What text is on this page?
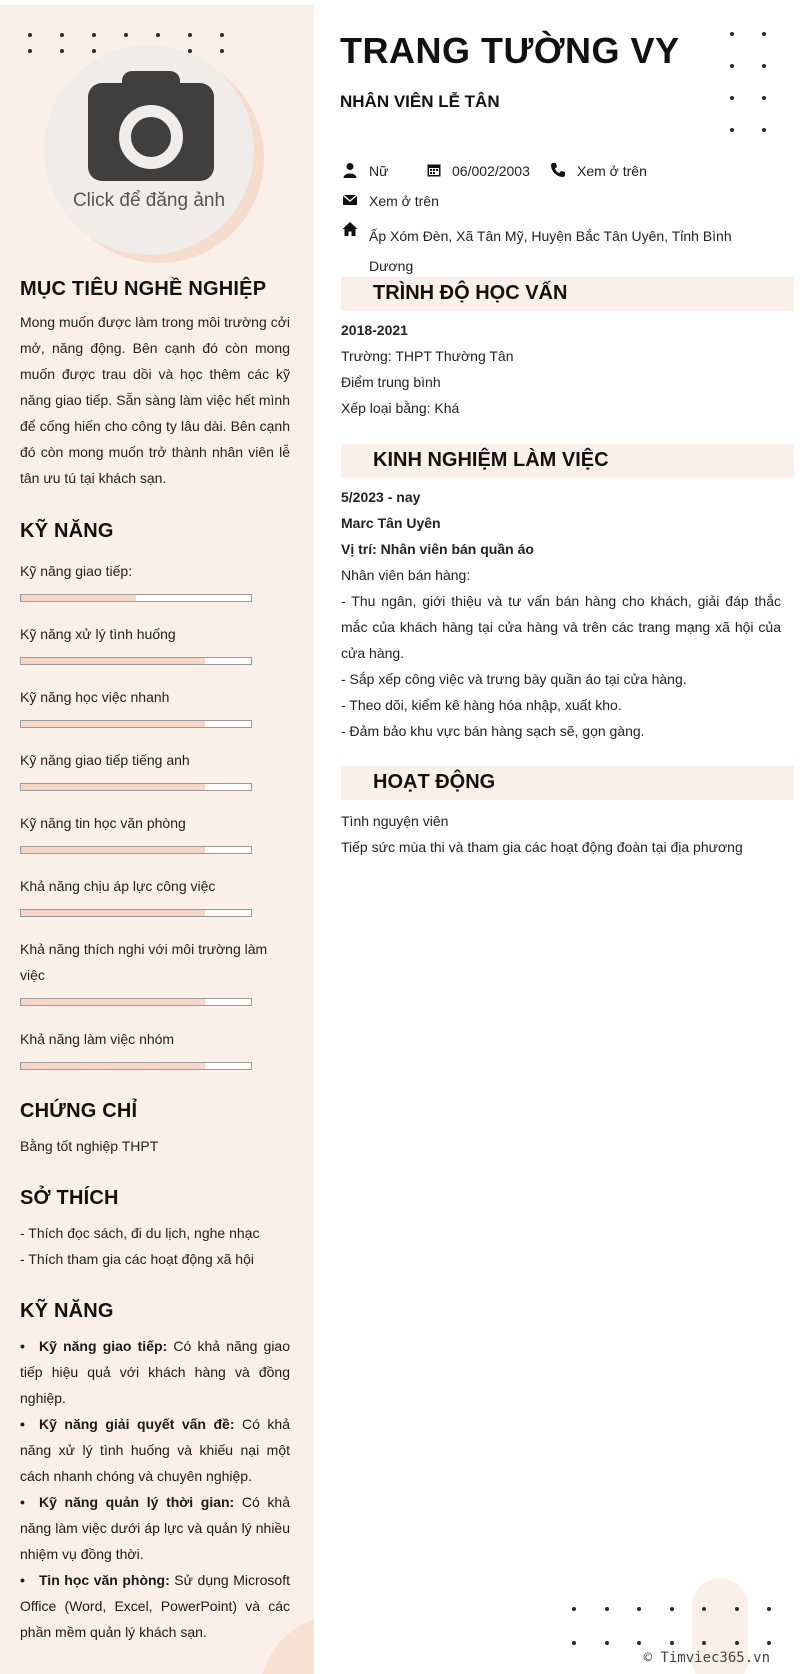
Click để đăng ảnh
MỤC TIÊU NGHỀ NGHIỆP
Mong muốn được làm trong môi trường cởi mở, năng động. Bên cạnh đó còn mong muốn được trau dồi và học thêm các kỹ năng giao tiếp. Sẵn sàng làm việc hết mình để cống hiến cho công ty lâu dài. Bên cạnh đó còn mong muốn trở thành nhân viên lễ tân ưu tú tại khách sạn.
KỸ NĂNG
Kỹ năng giao tiếp:
Kỹ năng xử lý tình huống
Kỹ năng học việc nhanh
Kỹ năng giao tiếp tiếng anh
Kỹ năng tin học văn phòng
Khả năng chịu áp lực công việc
Khả năng thích nghi với môi trường làm việc
Khả năng làm việc nhóm
CHỨNG CHỈ
Bằng tốt nghiệp THPT
SỞ THÍCH
- Thích đọc sách, đi du lịch, nghe nhạc
- Thích tham gia các hoạt động xã hội
KỸ NĂNG
• Kỹ năng giao tiếp: Có khả năng giao tiếp hiệu quả với khách hàng và đồng nghiệp.
• Kỹ năng giải quyết vấn đề: Có khả năng xử lý tình huống và khiếu nại một cách nhanh chóng và chuyên nghiệp.
• Kỹ năng quản lý thời gian: Có khả năng làm việc dưới áp lực và quản lý nhiều nhiệm vụ đồng thời.
• Tin học văn phòng: Sử dụng Microsoft Office (Word, Excel, PowerPoint) và các phần mềm quản lý khách sạn.
TRANG TƯỜNG VY
NHÂN VIÊN LỄ TÂN
Nữ	06/002/2003	Xem ở trên
Xem ở trên
Ấp Xóm Đèn, Xã Tân Mỹ, Huyện Bắc Tân Uyên, Tỉnh Bình
Dương
TRÌNH ĐỘ HỌC VẤN
2018-2021
Trường: THPT Thường Tân
Điểm trung bình
Xếp loại bằng: Khá
KINH NGHIỆM LÀM VIỆC
5/2023 - nay
Marc Tân Uyên
Vị trí: Nhân viên bán quần áo
Nhân viên bán hàng:
- Thu ngân, giới thiệu và tư vấn bán hàng cho khách, giải đáp thắc mắc của khách hàng tại cửa hàng và trên các trang mạng xã hội của cửa hàng.
- Sắp xếp công việc và trưng bày quần áo tại cửa hàng.
- Theo dõi, kiểm kê hàng hóa nhập, xuất kho.
- Đảm bảo khu vực bán hàng sạch sẽ, gọn gàng.
HOẠT ĐỘNG
Tình nguyện viên
Tiếp sức mùa thi và tham gia các hoạt động đoàn tại địa phương
© Timviec365.vn
